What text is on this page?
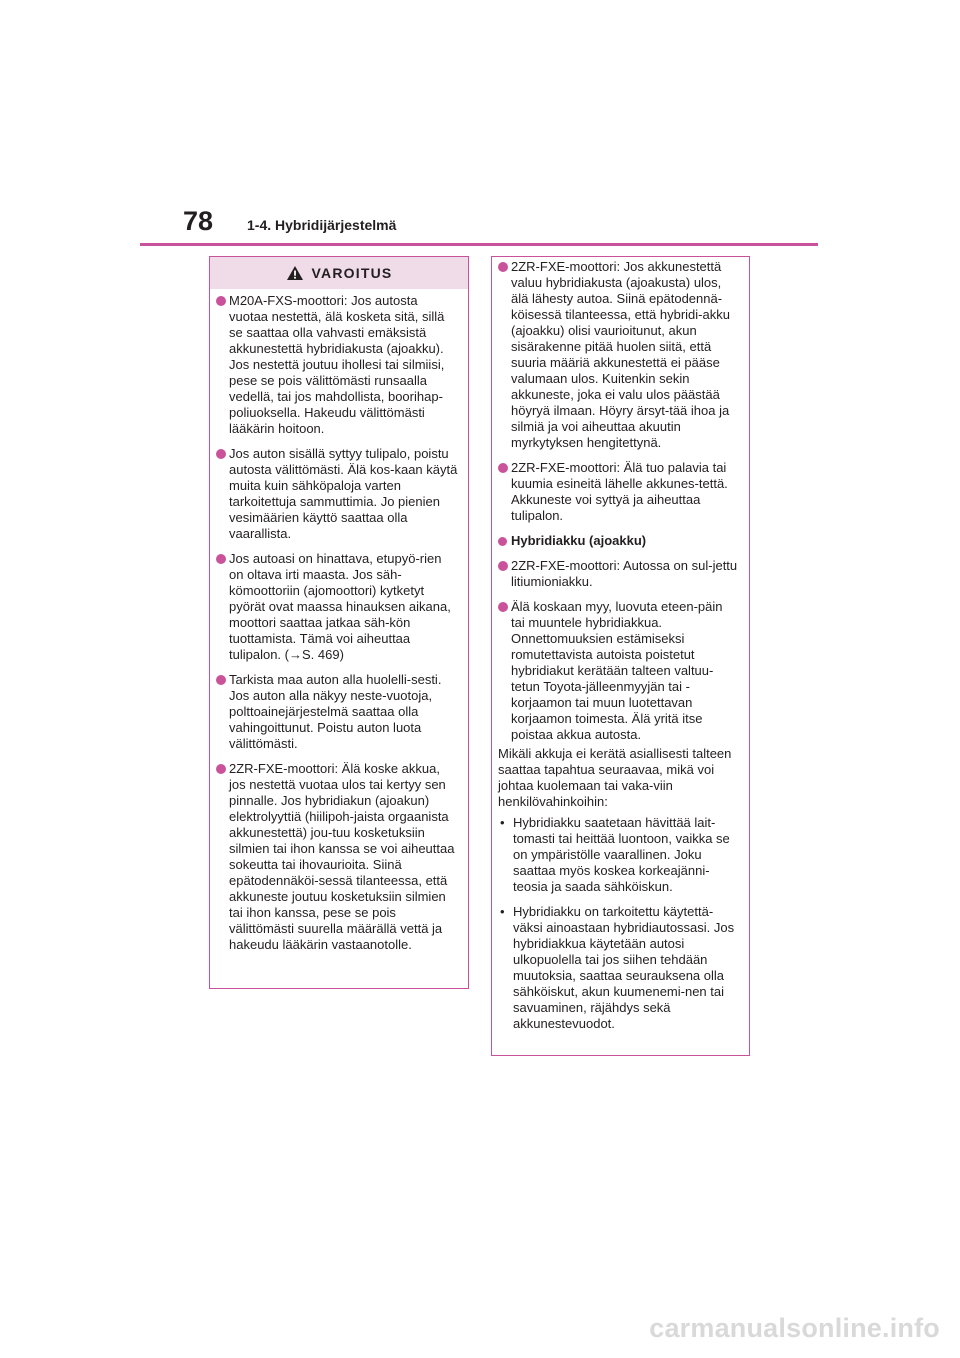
78 1-4. Hybridijärjestelmä
VAROITUS
M20A-FXS-moottori: Jos autosta vuotaa nestettä, älä kosketa sitä, sillä se saattaa olla vahvasti emäksistä akkunestettä hybridiakusta (ajoakku). Jos nestettä joutuu ihollesi tai silmiisi, pese se pois välittömästi runsaalla vedellä, tai jos mahdollista, boorihap-poliuoksella. Hakeudu välittömästi lääkärin hoitoon.
Jos auton sisällä syttyy tulipalo, poistu autosta välittömästi. Älä kos-kaan käytä muita kuin sähköpaloja varten tarkoitettuja sammuttimia. Jo pienien vesimäärien käyttö saattaa olla vaarallista.
Jos autoasi on hinattava, etupyö-rien on oltava irti maasta. Jos säh-kömoottoriin (ajomoottori) kytketyt pyörät ovat maassa hinauksen aikana, moottori saattaa jatkaa säh-kön tuottamista. Tämä voi aiheuttaa tulipalon. (→S. 469)
Tarkista maa auton alla huolelli-sesti. Jos auton alla näkyy neste-vuotoja, polttoainejärjestelmä saattaa olla vahingoittunut. Poistu auton luota välittömästi.
2ZR-FXE-moottori: Älä koske akkua, jos nestettä vuotaa ulos tai kertyy sen pinnalle. Jos hybridiakun (ajoakun) elektrolyyttiä (hiilipoh-jaista orgaanista akkunestettä) jou-tuu kosketuksiin silmien tai ihon kanssa se voi aiheuttaa sokeutta tai ihovaurioita. Siinä epätodennäköi-sessä tilanteessa, että akkuneste joutuu kosketuksiin silmien tai ihon kanssa, pese se pois välittömästi suurella määrällä vettä ja hakeudu lääkärin vastaanotolle.
2ZR-FXE-moottori: Jos akkunestettä valuu hybridiakusta (ajoakusta) ulos, älä lähesty autoa. Siinä epätodennä-köisessä tilanteessa, että hybridi-akku (ajoakku) olisi vaurioitunut, akun sisärakenne pitää huolen siitä, että suuria määriä akkunestettä ei pääse valumaan ulos. Kuitenkin sekin akkuneste, joka ei valu ulos päästää höyryä ilmaan. Höyry ärsyt-tää ihoa ja silmiä ja voi aiheuttaa akuutin myrkytyksen hengitettynä.
2ZR-FXE-moottori: Älä tuo palavia tai kuumia esineitä lähelle akkunes-tettä. Akkuneste voi syttyä ja aiheuttaa tulipalon.
Hybridiakku (ajoakku)
2ZR-FXE-moottori: Autossa on sul-jettu litiumioniakku.
Älä koskaan myy, luovuta eteen-päin tai muuntele hybridiakkua. Onnettomuuksien estämiseksi romutettavista autoista poistetut hybridiakut kerätään talteen valtuu-tetun Toyota-jälleenmyyjän tai -korjaamon tai muun luotettavan korjaamon toimesta. Älä yritä itse poistaa akkua autosta.
Mikäli akkuja ei kerätä asiallisesti talteen saattaa tapahtua seuraavaa, mikä voi johtaa kuolemaan tai vaka-viin henkilövahinkoihin:
• Hybridiakku saatetaan hävittää lait-tomasti tai heittää luontoon, vaikka se on ympäristölle vaarallinen. Joku saattaa myös koskea korkeajänni-teosia ja saada sähköiskun.
• Hybridiakku on tarkoitettu käytettä-väksi ainoastaan hybridiautossasi. Jos hybridiakkua käytetään autosi ulkopuolella tai jos siihen tehdään muutoksia, saattaa seurauksena olla sähköiskut, akun kuumenemi-nen tai savuaminen, räjähdys sekä akkunestevuodot.
carmanualsonline.info
